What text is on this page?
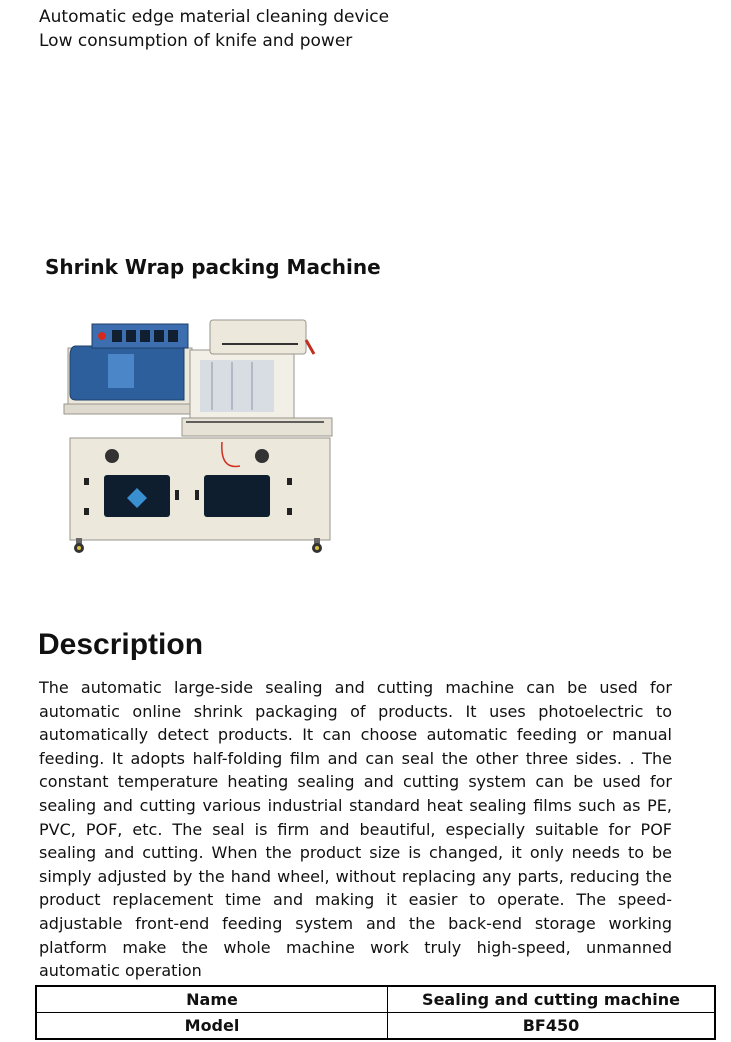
Automatic edge material cleaning device
Low consumption of knife and power
Shrink Wrap packing Machine
Description

The automatic large-side sealing and cutting machine can be used for automatic online shrink packaging of products. It uses photoelectric to automatically detect products. It can choose automatic feeding or manual feeding. It adopts half-folding film and can seal the other three sides. . The constant temperature heating sealing and cutting system can be used for sealing and cutting various industrial standard heat sealing films such as PE, PVC, POF, etc. The seal is firm and beautiful, especially suitable for POF sealing and cutting. When the product size is changed, it only needs to be simply adjusted by the hand wheel, without replacing any parts, reducing the product replacement time and making it easier to operate. The speed-adjustable front-end feeding system and the back-end storage working platform make the whole machine work truly high-speed, unmanned automatic operation

Name	Sealing and cutting machine
Model	BF450
